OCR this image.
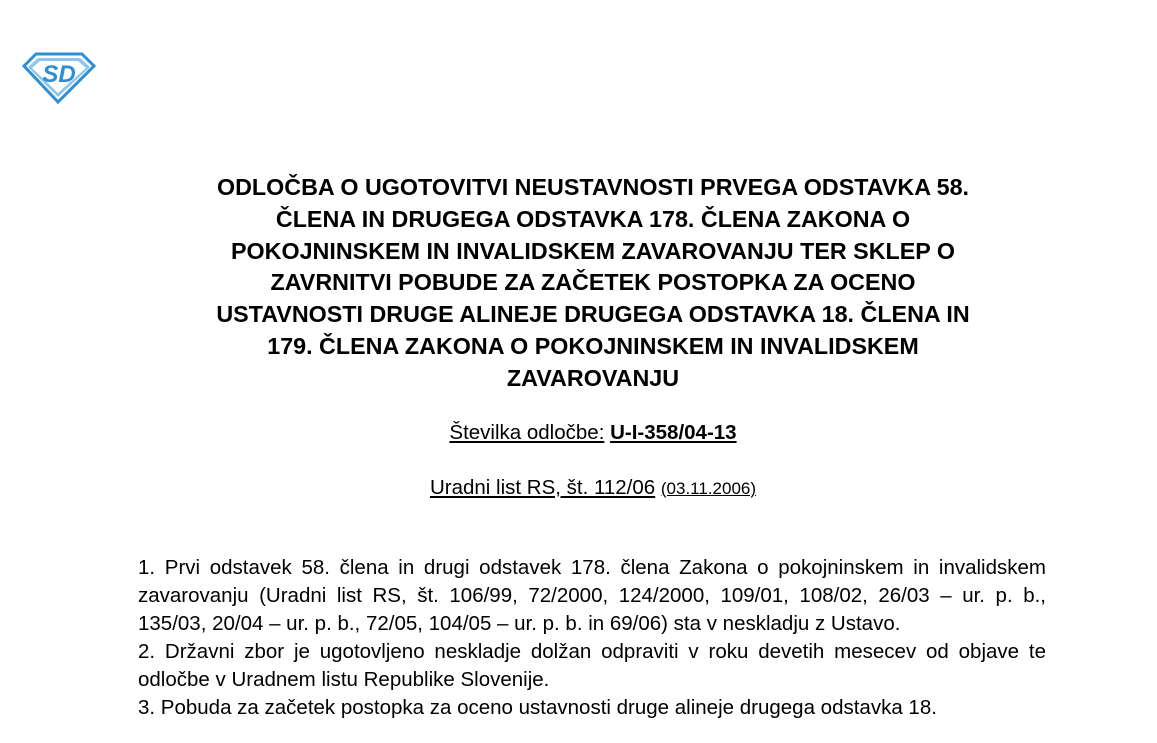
SD
ODLOČBA O UGOTOVITVI NEUSTAVNOSTI PRVEGA ODSTAVKA 58.
ČLENA IN DRUGEGA ODSTAVKA 178. ČLENA ZAKONA O
POKOJNINSKEM IN INVALIDSKEM ZAVAROVANJU TER SKLEP O
ZAVRNITVI POBUDE ZA ZAČETEK POSTOPKA ZA OCENO
USTAVNOSTI DRUGE ALINEJE DRUGEGA ODSTAVKA 18. ČLENA IN
179. ČLENA ZAKONA O POKOJNINSKEM IN INVALIDSKEM
ZAVAROVANJU
Številka odločbe: U-I-358/04-13
Uradni list RS, št. 112/06 (03.11.2006)

1. Prvi odstavek 58. člena in drugi odstavek 178. člena Zakona o pokojninskem in invalidskem zavarovanju (Uradni list RS, št. 106/99, 72/2000, 124/2000, 109/01, 108/02, 26/03 – ur. p. b., 135/03, 20/04 – ur. p. b., 72/05, 104/05 – ur. p. b. in 69/06) sta v neskladju z Ustavo.

2. Državni zbor je ugotovljeno neskladje dolžan odpraviti v roku devetih mesecev od objave te odločbe v Uradnem listu Republike Slovenije.

3. Pobuda za začetek postopka za oceno ustavnosti druge alineje drugega odstavka 18.
